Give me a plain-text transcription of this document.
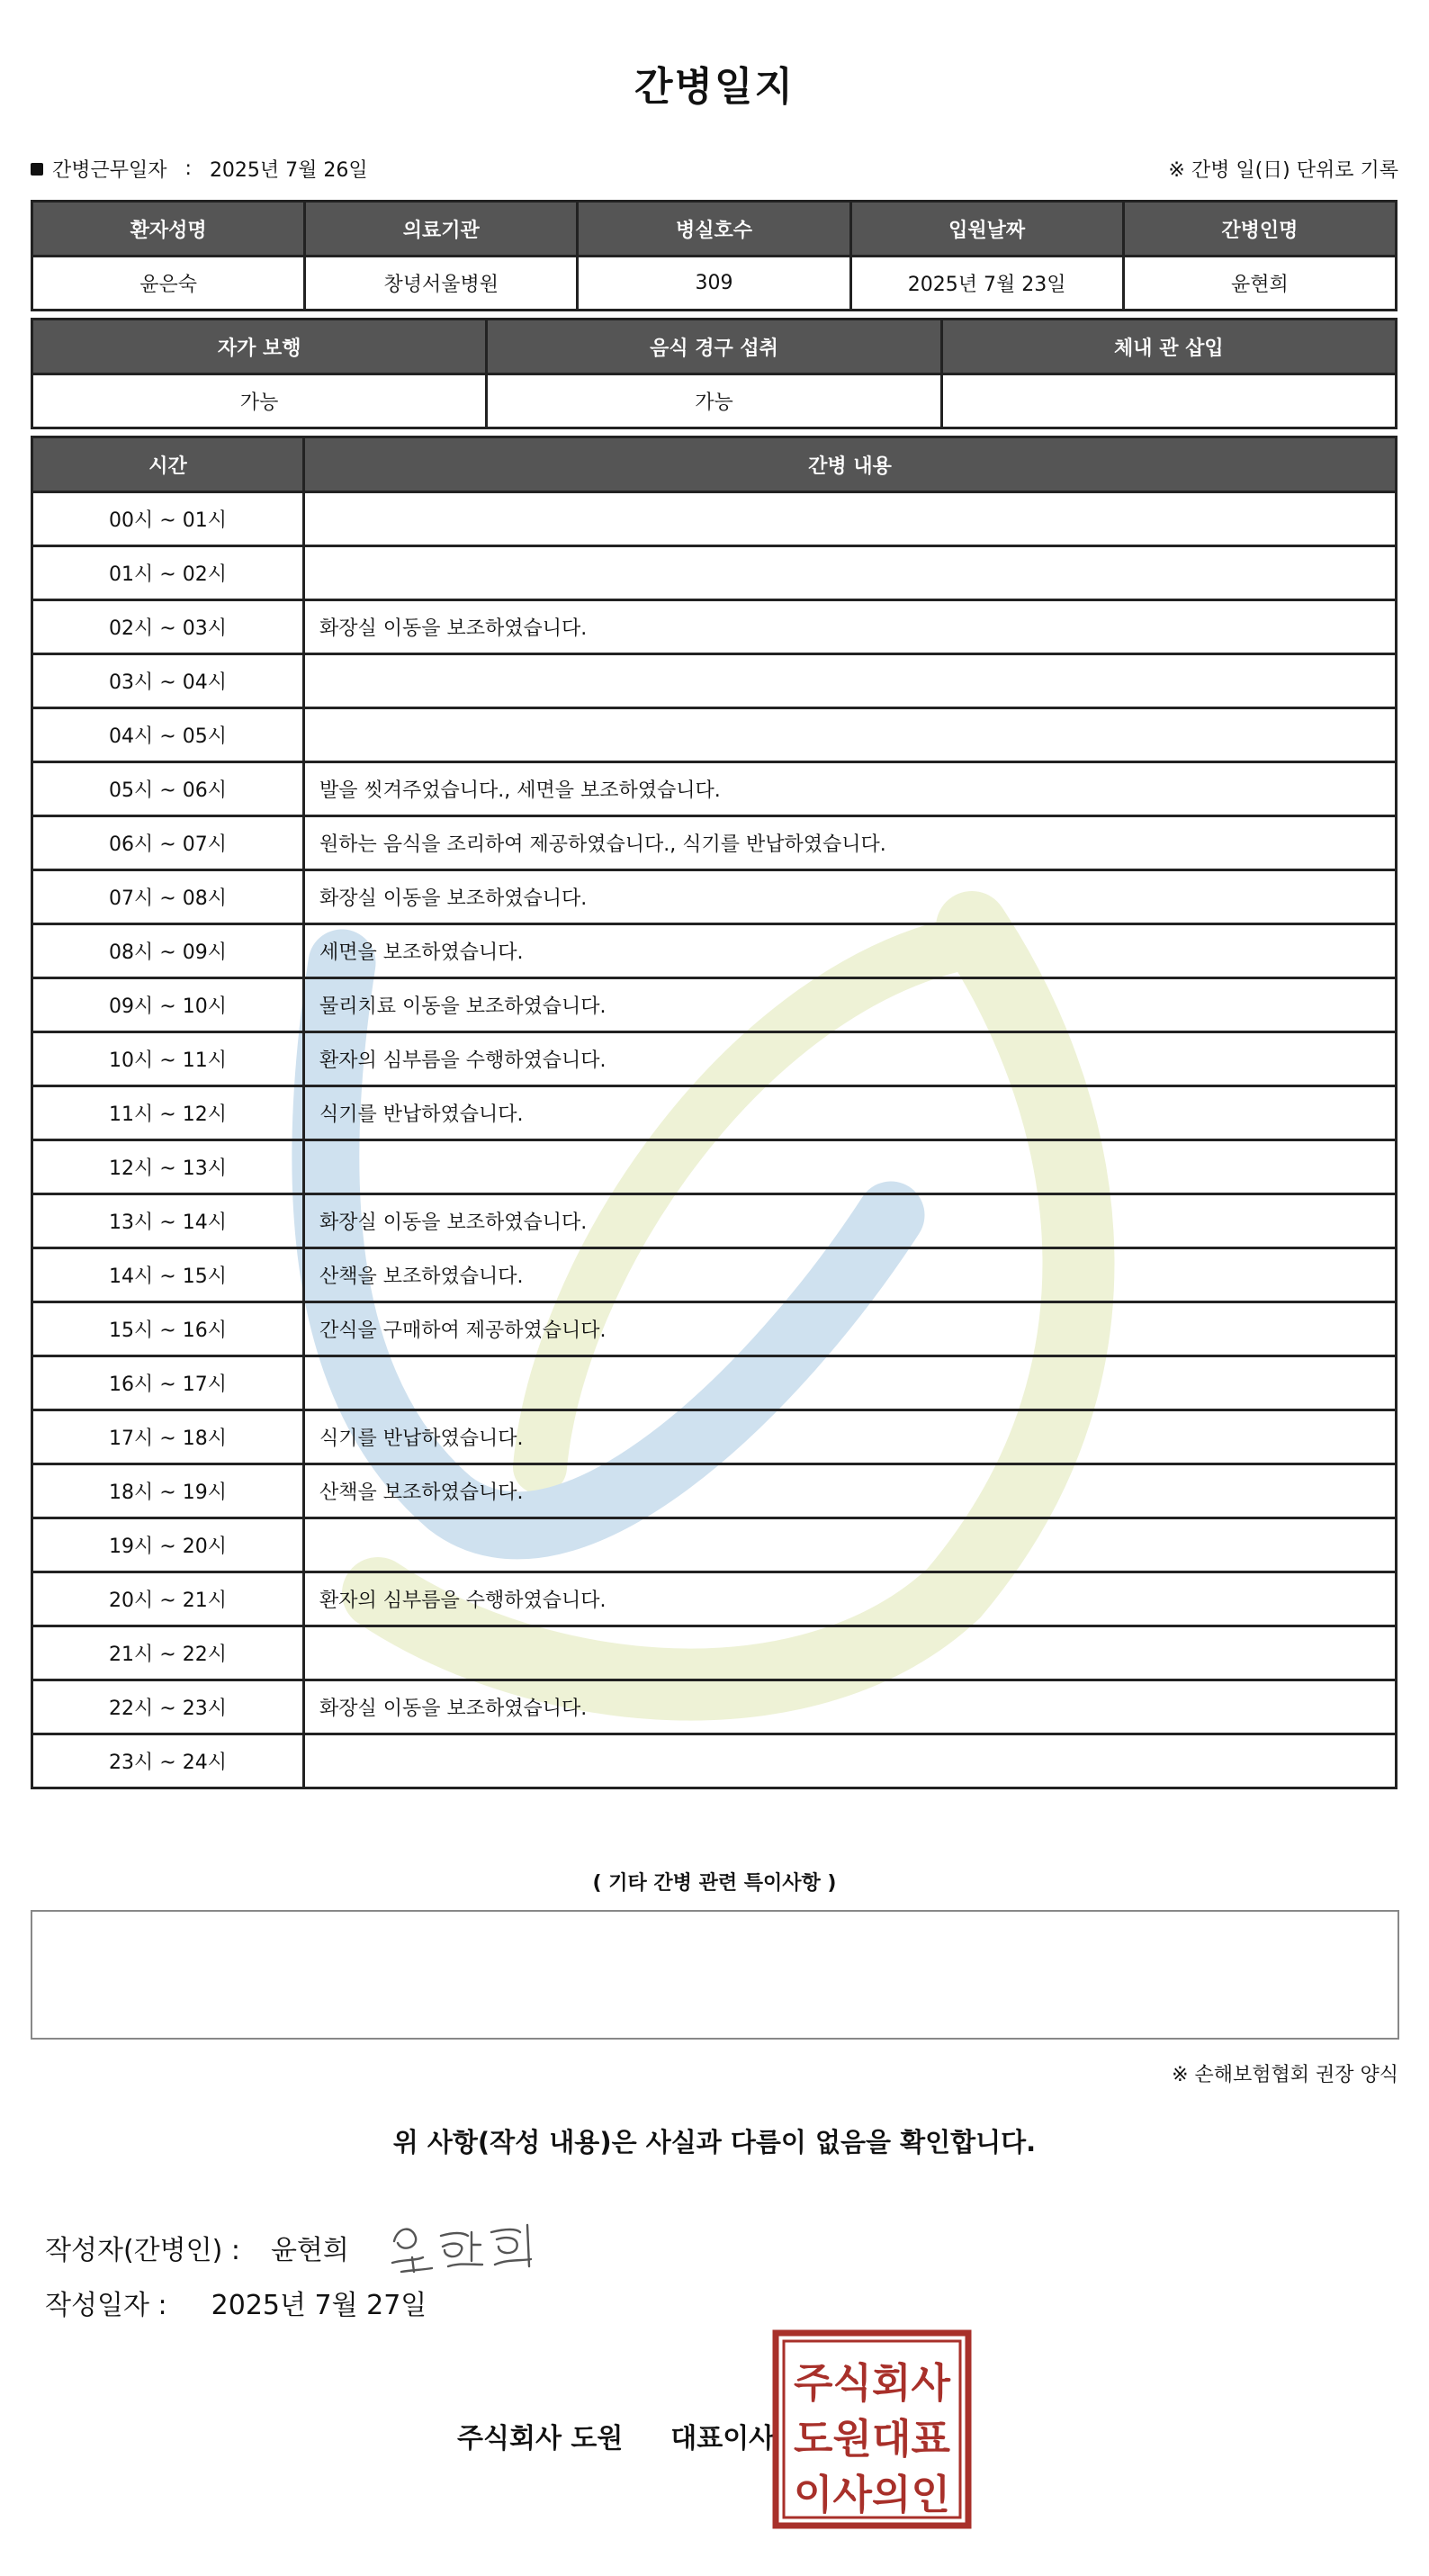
간병일지
간병근무일자 : 2025년 7월 26일	※ 간병 일(日) 단위로 기록
환자성명	의료기관	병실호수	입원날짜	간병인명
윤은숙	창녕서울병원	309	2025년 7월 23일	윤현희
자가 보행	음식 경구 섭취	체내 관 삽입
가능	가능	
시간	간병 내용
00시 ~ 01시	
01시 ~ 02시	
02시 ~ 03시	화장실 이동을 보조하였습니다.
03시 ~ 04시	
04시 ~ 05시	
05시 ~ 06시	발을 씻겨주었습니다., 세면을 보조하였습니다.
06시 ~ 07시	원하는 음식을 조리하여 제공하였습니다., 식기를 반납하였습니다.
07시 ~ 08시	화장실 이동을 보조하였습니다.
08시 ~ 09시	세면을 보조하였습니다.
09시 ~ 10시	물리치료 이동을 보조하였습니다.
10시 ~ 11시	환자의 심부름을 수행하였습니다.
11시 ~ 12시	식기를 반납하였습니다.
12시 ~ 13시	
13시 ~ 14시	화장실 이동을 보조하였습니다.
14시 ~ 15시	산책을 보조하였습니다.
15시 ~ 16시	간식을 구매하여 제공하였습니다.
16시 ~ 17시	
17시 ~ 18시	식기를 반납하였습니다.
18시 ~ 19시	산책을 보조하였습니다.
19시 ~ 20시	
20시 ~ 21시	환자의 심부름을 수행하였습니다.
21시 ~ 22시	
22시 ~ 23시	화장실 이동을 보조하였습니다.
23시 ~ 24시	
( 기타 간병 관련 특이사항 )
※ 손해보험협회 권장 양식
위 사항(작성 내용)은 사실과 다름이 없음을 확인합니다.
작성자(간병인) : 윤현희
작성일자 : 2025년 7월 27일
주식회사 도원 대표이사
주식회사
도원대표
이사의인
